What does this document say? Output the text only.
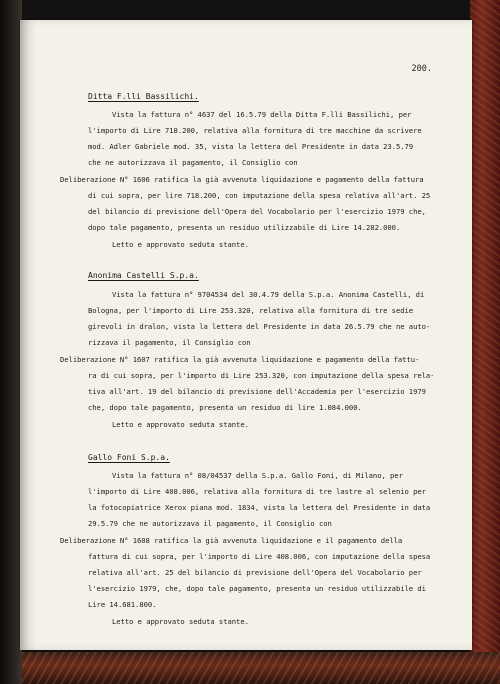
200.
Ditta F.lli Bassilichi.
Vista la fattura n° 4637 del 16.5.79 della Ditta F.lli Bassilichi, per
l'importo di Lire 718.200, relativa alla fornitura di tre macchine da scrivere
mod. Adler Gabriele mod. 35, vista la lettera del Presidente in data 23.5.79
che ne autorizzava il pagamento, il Consiglio con
Deliberazione N° 1606 ratifica la già avvenuta liquidazione e pagamento della fattura
di cui sopra, per lire 718.200, con imputazione della spesa relativa all'art. 25
del bilancio di previsione dell'Opera del Vocabolario per l'esercizio 1979 che,
dopo tale pagamento, presenta un residuo utilizzabile di Lire 14.282.000.
Letto e approvato seduta stante.
Anonima Castelli S.p.a.
Vista la fattura n° 9704534 del 30.4.79 della S.p.a. Anonima Castelli, di
Bologna, per l'importo di Lire 253.320, relativa alla fornitura di tre sedie
girevoli in dralon, vista la lettera del Presidente in data 26.5.79 che ne auto-
rizzava il pagamento, il Consiglio con
Deliberazione N° 1607 ratifica la già avvenuta liquidazione e pagamento della fattu-
ra di cui sopra, per l'importo di Lire 253.320, con imputazione della spesa rela-
tiva all'art. 19 del bilancio di previsione dell'Accademia per l'esercizio 1979
che, dopo tale pagamento, presenta un residuo di lire 1.084.000.
Letto e approvato seduta stante.
Gallo Foni S.p.a.
Vista la fattura n° 08/04537 della S.p.a. Gallo Foni, di Milano, per
l'importo di Lire 408.006, relativa alla fornitura di tre lastre al selenio per
la fotocopiatrice Xerox piana mod. 1834, vista la lettera del Presidente in data
29.5.79 che ne autorizzava il pagamento, il Consiglio con
Deliberazione N° 1608 ratifica la già avvenuta liquidazione e il pagamento della
fattura di cui sopra, per l'importo di Lire 408.006, con imputazione della spesa
relativa all'art. 25 del bilancio di previsione dell'Opera del Vocabolario per
l'esercizio 1979, che, dopo tale pagamento, presenta un residuo utilizzabile di
Lire 14.681.800.
Letto e approvato seduta stante.
